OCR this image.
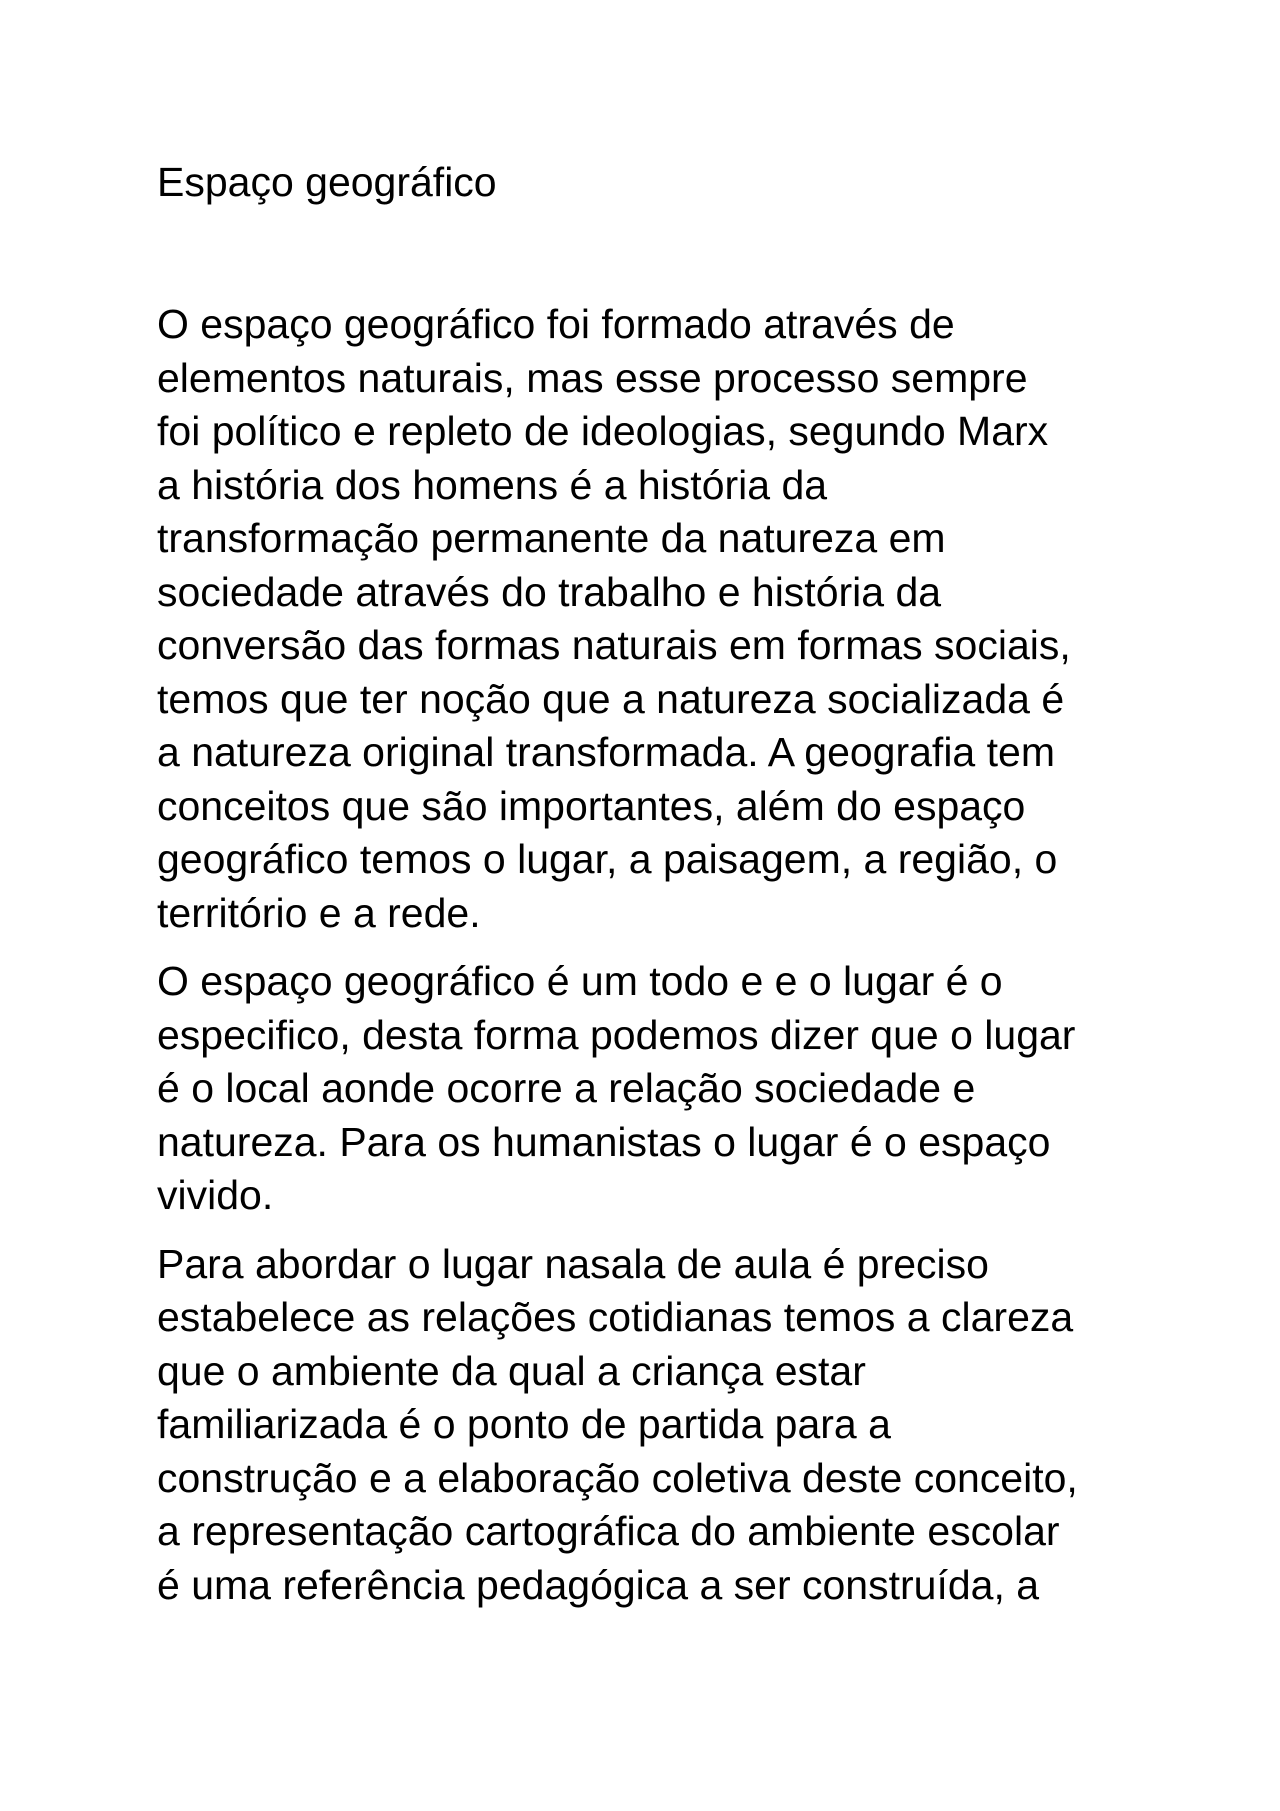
Espaço geográfico

O espaço geográfico foi formado através de
elementos naturais, mas esse processo sempre
foi político e repleto de ideologias, segundo Marx
a história dos homens é a história da
transformação permanente da natureza em
sociedade através do trabalho e história da
conversão das formas naturais em formas sociais,
temos que ter noção que a natureza socializada é
a natureza original transformada. A geografia tem
conceitos que são importantes, além do espaço
geográfico temos o lugar, a paisagem, a região, o
território e a rede.

O espaço geográfico é um todo e e o lugar é o
especifico, desta forma podemos dizer que o lugar
é o local aonde ocorre a relação sociedade e
natureza. Para os humanistas o lugar é o espaço
vivido.

Para abordar o lugar nasala de aula é preciso
estabelece as relações cotidianas temos a clareza
que o ambiente da qual a criança estar
familiarizada é o ponto de partida para a
construção e a elaboração coletiva deste conceito,
a representação cartográfica do ambiente escolar
é uma referência pedagógica a ser construída, a
